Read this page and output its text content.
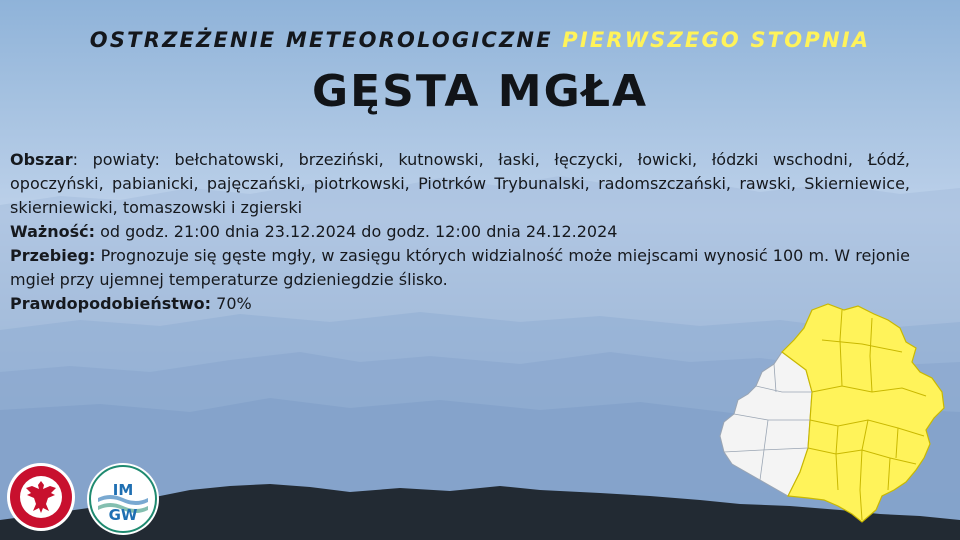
OSTRZEŻENIE METEOROLOGICZNE PIERWSZEGO STOPNIA
GĘSTA MGŁA

Obszar: powiaty: bełchatowski, brzeziński, kutnowski, łaski, łęczycki, łowicki, łódzki wschodni, Łódź, opoczyński, pabianicki, pajęczański, piotrkowski, Piotrków Trybunalski, radomszczański, rawski, Skierniewice, skierniewicki, tomaszowski i zgierski

Ważność: od godz. 21:00 dnia 23.12.2024 do godz. 12:00 dnia 24.12.2024

Przebieg: Prognozuje się gęste mgły, w zasięgu których widzialność może miejscami wynosić 100 m. W rejonie mgieł przy ujemnej temperaturze gdzieniegdzie ślisko.

Prawdopodobieństwo: 70%

IM
GW
